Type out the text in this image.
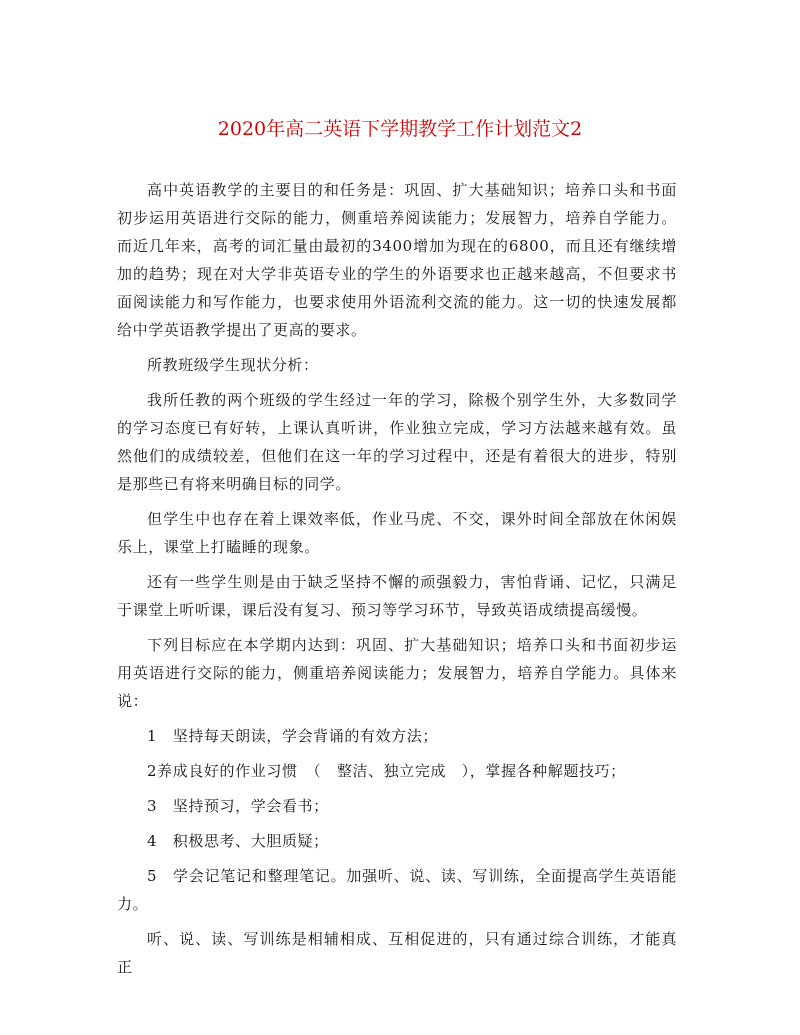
2020年高二英语下学期教学工作计划范文2

高中英语教学的主要目的和任务是：巩固、扩大基础知识；培养口头和书面初步运用英语进行交际的能力，侧重培养阅读能力；发展智力，培养自学能力。而近几年来，高考的词汇量由最初的3400增加为现在的6800，而且还有继续增加的趋势；现在对大学非英语专业的学生的外语要求也正越来越高，不但要求书面阅读能力和写作能力，也要求使用外语流利交流的能力。这一切的快速发展都给中学英语教学提出了更高的要求。

所教班级学生现状分析：

我所任教的两个班级的学生经过一年的学习，除极个别学生外，大多数同学的学习态度已有好转，上课认真听讲，作业独立完成，学习方法越来越有效。虽然他们的成绩较差，但他们在这一年的学习过程中，还是有着很大的进步，特别是那些已有将来明确目标的同学。

但学生中也存在着上课效率低，作业马虎、不交，课外时间全部放在休闲娱乐上，课堂上打瞌睡的现象。

还有一些学生则是由于缺乏坚持不懈的顽强毅力，害怕背诵、记忆，只满足于课堂上听听课，课后没有复习、预习等学习环节，导致英语成绩提高缓慢。

下列目标应在本学期内达到：巩固、扩大基础知识；培养口头和书面初步运用英语进行交际的能力，侧重培养阅读能力；发展智力，培养自学能力。具体来说：

1　坚持每天朗读，学会背诵的有效方法；

2养成良好的作业习惯　（　整洁、独立完成　），掌握各种解题技巧；

3　坚持预习，学会看书；

4　积极思考、大胆质疑；

5　学会记笔记和整理笔记。加强听、说、读、写训练，全面提高学生英语能力。

听、说、读、写训练是相辅相成、互相促进的，只有通过综合训练，才能真正
